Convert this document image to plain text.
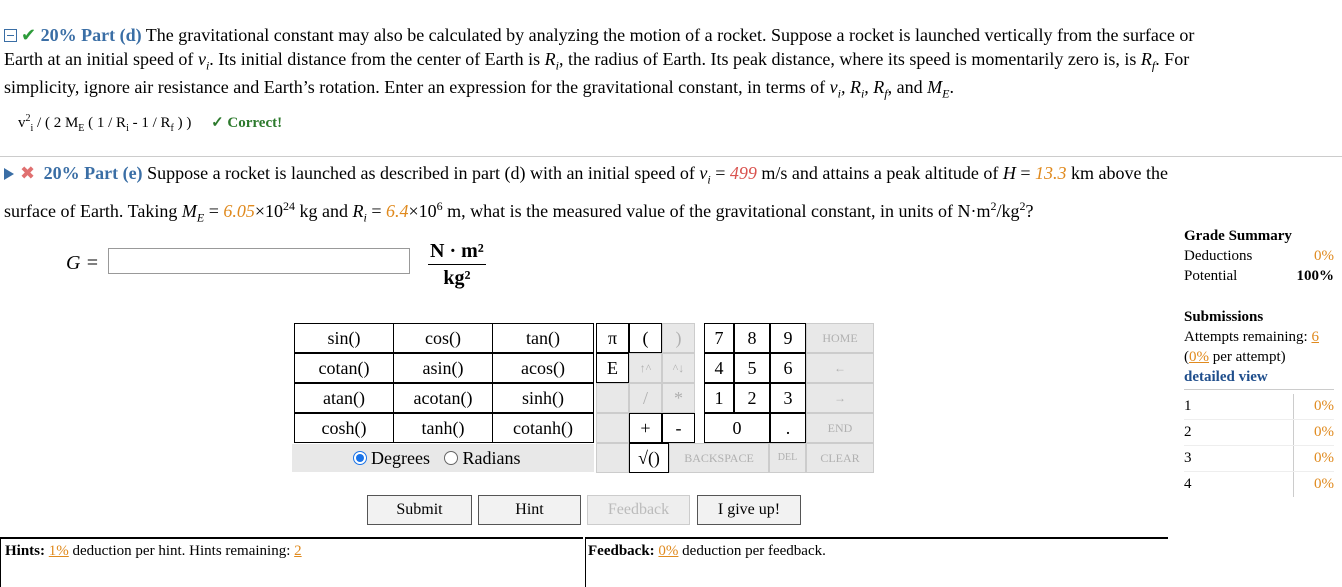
✔ 20% Part (d) The gravitational constant may also be calculated by analyzing the motion of a rocket. Suppose a rocket is launched vertically from the surface or
Earth at an initial speed of $v_i$. Its initial distance from the center of Earth is $R_i$, the radius of Earth. Its peak distance, where its speed is momentarily zero is, is $R_f$. For
simplicity, ignore air resistance and Earth’s rotation. Enter an expression for the gravitational constant, in terms of $v_i$, $R_i$, $R_f$, and $M_E$.
$v^2_i$ / ( 2 $M_E$ ( $1 / R_i - 1 / R_f$ ) ) ✓ Correct!
✖ 20% Part (e) Suppose a rocket is launched as described in part (d) with an initial speed of $v_i = 499$ m/s and attains a peak altitude of H = 13.3 km above the
surface of Earth. Taking $M_E = 6.05\times 10^{24}$ kg and $R_i = 6.4\times 10^6$ m, what is the measured value of the gravitational constant, in units of $N\cdot m^2/kg^2$?
G =	$\frac{\text{N · m²}}{\text{kg²}}$
sin()	cos()	tan()
cotan()	asin()	acos()
atan()	acotan()	sinh()
cosh()	tanh()	cotanh()
Degrees Radians
π	(	)
E	↑^	^↓
/	*
+	-
√()
7	8	9
4	5	6
1	2	3
0	.
HOME
←
→
END
BACKSPACE	DEL	CLEAR
Submit	Hint	Feedback	I give up!
Grade Summary
Deductions	0%
Potential	100%
Submissions
Attempts remaining: 6
(0% per attempt)
detailed view
1	0%
2	0%
3	0%
4	0%
Hints: 1% deduction per hint. Hints remaining: 2	Feedback: 0% deduction per feedback.
